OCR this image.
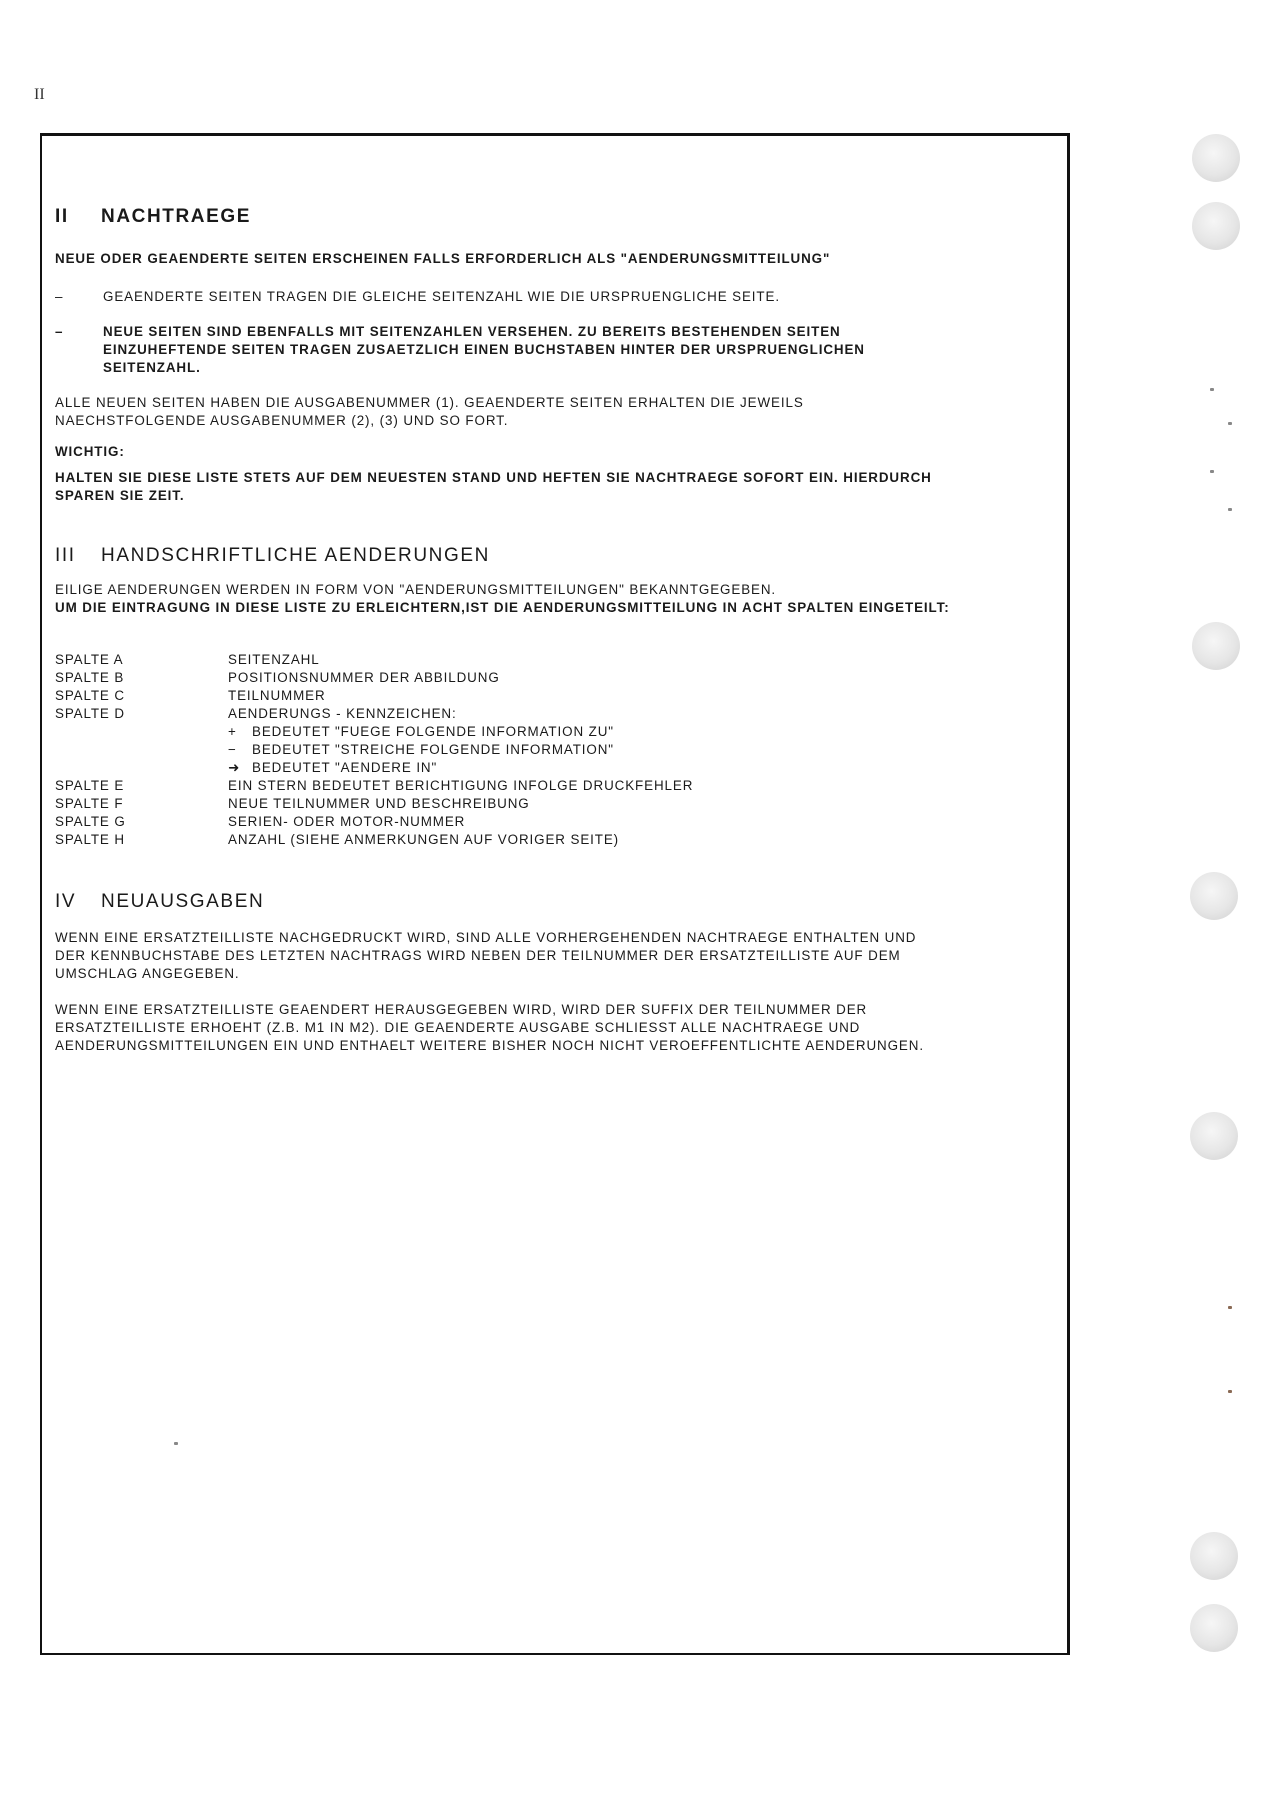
II
II	NACHTRAEGE

NEUE ODER GEAENDERTE SEITEN ERSCHEINEN FALLS ERFORDERLICH ALS "AENDERUNGSMITTEILUNG"

–	GEAENDERTE SEITEN TRAGEN DIE GLEICHE SEITENZAHL WIE DIE URSPRUENGLICHE SEITE.
–	NEUE SEITEN SIND EBENFALLS MIT SEITENZAHLEN VERSEHEN. ZU BEREITS BESTEHENDEN SEITEN

EINZUHEFTENDE SEITEN TRAGEN ZUSAETZLICH EINEN BUCHSTABEN HINTER DER URSPRUENGLICHEN

SEITENZAHL.

ALLE NEUEN SEITEN HABEN DIE AUSGABENUMMER (1). GEAENDERTE SEITEN ERHALTEN DIE JEWEILS

NAECHSTFOLGENDE AUSGABENUMMER (2), (3) UND SO FORT.

WICHTIG:

HALTEN SIE DIESE LISTE STETS AUF DEM NEUESTEN STAND UND HEFTEN SIE NACHTRAEGE SOFORT EIN. HIERDURCH

SPAREN SIE ZEIT.

III	HANDSCHRIFTLICHE AENDERUNGEN

EILIGE AENDERUNGEN WERDEN IN FORM VON "AENDERUNGSMITTEILUNGEN" BEKANNTGEGEBEN.

UM DIE EINTRAGUNG IN DIESE LISTE ZU ERLEICHTERN,IST DIE AENDERUNGSMITTEILUNG IN ACHT SPALTEN EINGETEILT:

SPALTE A	SEITENZAHL
SPALTE B	POSITIONSNUMMER DER ABBILDUNG
SPALTE C	TEILNUMMER
SPALTE D	AENDERUNGS - KENNZEICHEN:
+	BEDEUTET "FUEGE FOLGENDE INFORMATION ZU"
−	BEDEUTET "STREICHE FOLGENDE INFORMATION"
➜ BEDEUTET "AENDERE IN"
SPALTE E	EIN STERN BEDEUTET BERICHTIGUNG INFOLGE DRUCKFEHLER
SPALTE F	NEUE TEILNUMMER UND BESCHREIBUNG
SPALTE G	SERIEN- ODER MOTOR-NUMMER
SPALTE H	ANZAHL (SIEHE ANMERKUNGEN AUF VORIGER SEITE)
IV	NEUAUSGABEN

WENN EINE ERSATZTEILLISTE NACHGEDRUCKT WIRD, SIND ALLE VORHERGEHENDEN NACHTRAEGE ENTHALTEN UND

DER KENNBUCHSTABE DES LETZTEN NACHTRAGS WIRD NEBEN DER TEILNUMMER DER ERSATZTEILLISTE AUF DEM

UMSCHLAG ANGEGEBEN.

WENN EINE ERSATZTEILLISTE GEAENDERT HERAUSGEGEBEN WIRD, WIRD DER SUFFIX DER TEILNUMMER DER

ERSATZTEILLISTE ERHOEHT (Z.B. M1 IN M2). DIE GEAENDERTE AUSGABE SCHLIESST ALLE NACHTRAEGE UND

AENDERUNGSMITTEILUNGEN EIN UND ENTHAELT WEITERE BISHER NOCH NICHT VEROEFFENTLICHTE AENDERUNGEN.
